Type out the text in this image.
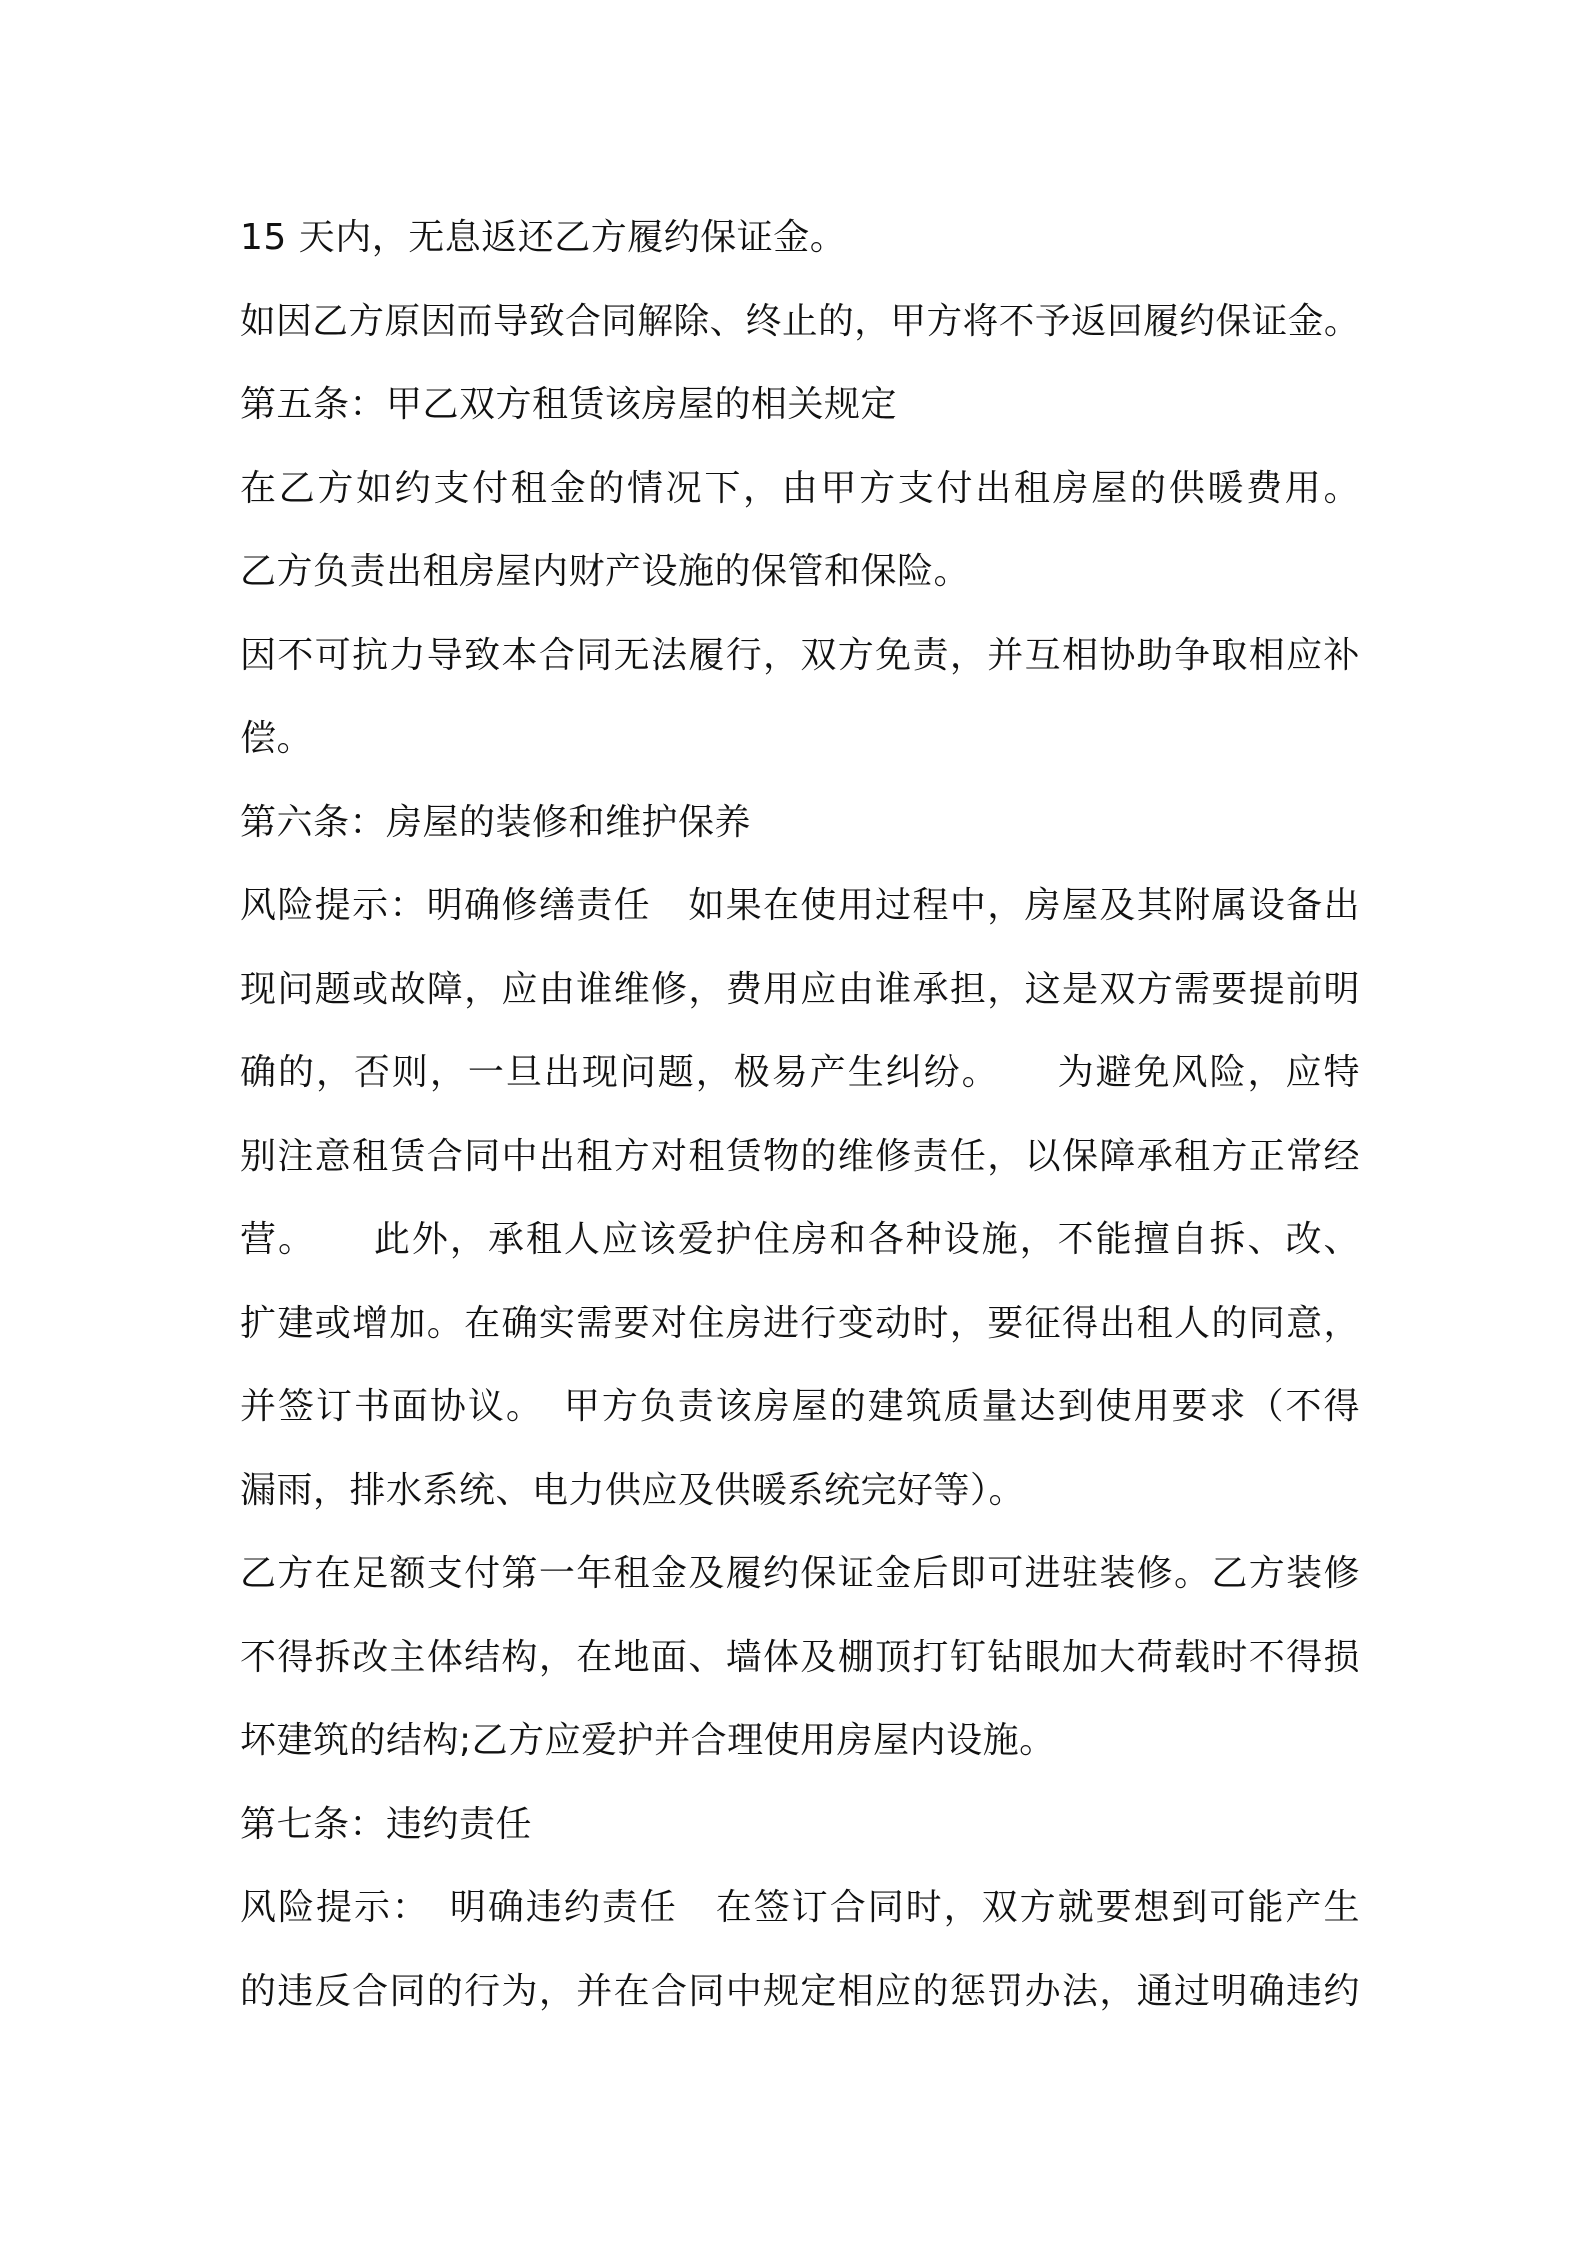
15 天内，无息返还乙方履约保证金。
如因乙方原因而导致合同解除、终止的，甲方将不予返回履约保证金。
第五条：甲乙双方租赁该房屋的相关规定
在乙方如约支付租金的情况下，由甲方支付出租房屋的供暖费用。
乙方负责出租房屋内财产设施的保管和保险。
因不可抗力导致本合同无法履行，双方免责，并互相协助争取相应补
偿。
第六条：房屋的装修和维护保养
风险提示：明确修缮责任　如果在使用过程中，房屋及其附属设备出
现问题或故障，应由谁维修，费用应由谁承担，这是双方需要提前明
确的，否则，一旦出现问题，极易产生纠纷。　　为避免风险，应特
别注意租赁合同中出租方对租赁物的维修责任，以保障承租方正常经
营。　　此外，承租人应该爱护住房和各种设施，不能擅自拆、改、
扩建或增加。在确实需要对住房进行变动时，要征得出租人的同意，
并签订书面协议。　甲方负责该房屋的建筑质量达到使用要求（不得
漏雨，排水系统、电力供应及供暖系统完好等）。
乙方在足额支付第一年租金及履约保证金后即可进驻装修。乙方装修
不得拆改主体结构，在地面、墙体及棚顶打钉钻眼加大荷载时不得损
坏建筑的结构;乙方应爱护并合理使用房屋内设施。
第七条：违约责任
风险提示：　明确违约责任　在签订合同时，双方就要想到可能产生
的违反合同的行为，并在合同中规定相应的惩罚办法，通过明确违约
